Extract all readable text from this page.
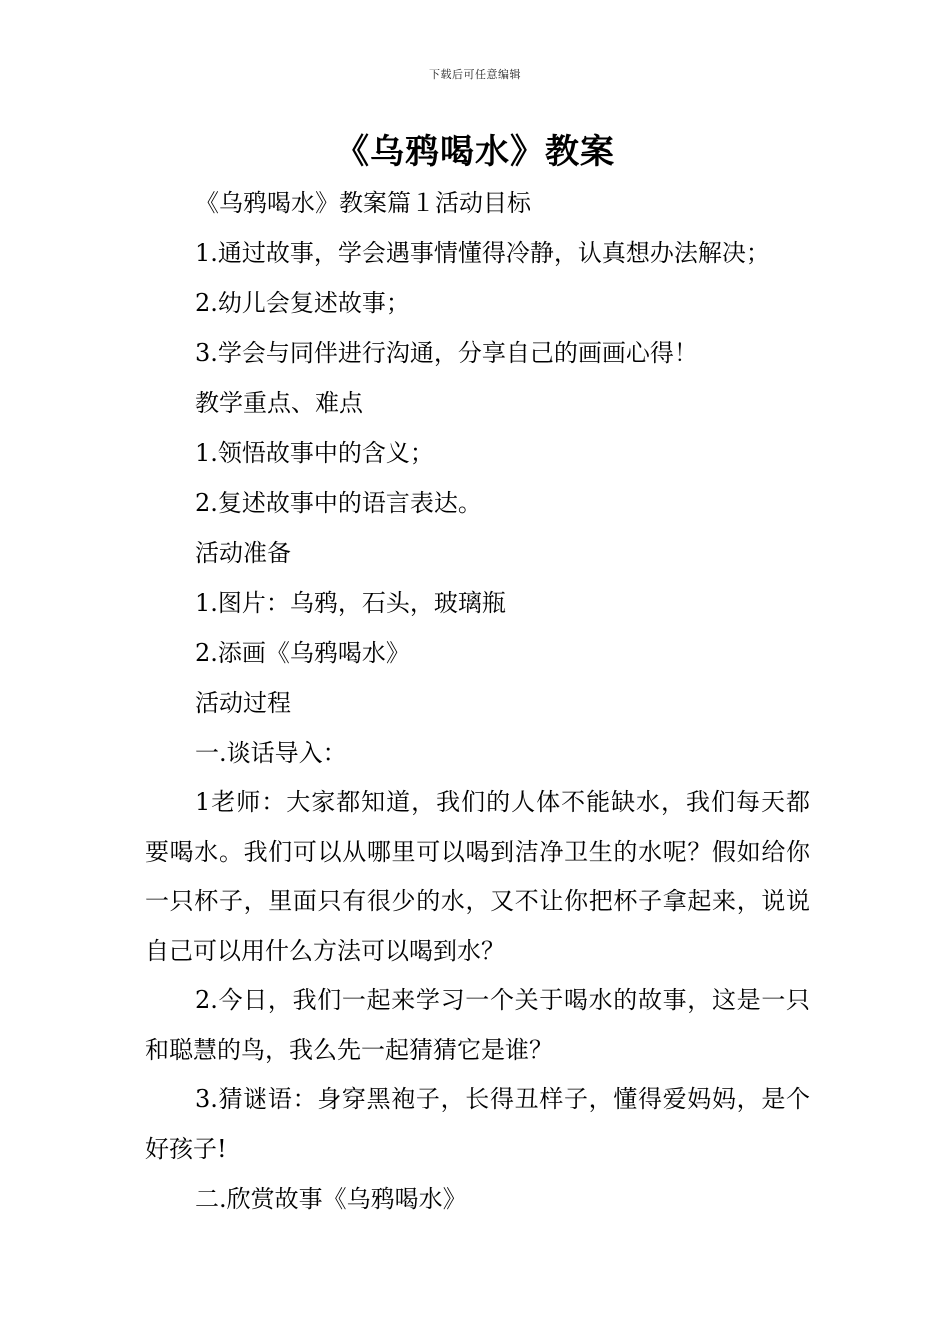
下载后可任意编辑
《乌鸦喝水》教案
《乌鸦喝水》教案篇１活动目标
1.通过故事，学会遇事情懂得冷静，认真想办法解决；
2.幼儿会复述故事；
3.学会与同伴进行沟通，分享自己的画画心得！
教学重点、难点
1.领悟故事中的含义；
2.复述故事中的语言表达。
活动准备
1.图片：乌鸦，石头，玻璃瓶
2.添画《乌鸦喝水》
活动过程
一.谈话导入：
1老师：大家都知道，我们的人体不能缺水，我们每天都要喝水。我们可以从哪里可以喝到洁净卫生的水呢？假如给你一只杯子，里面只有很少的水，又不让你把杯子拿起来，说说自己可以用什么方法可以喝到水？
2.今日，我们一起来学习一个关于喝水的故事，这是一只和聪慧的鸟，我么先一起猜猜它是谁？
3.猜谜语：身穿黑袍子，长得丑样子，懂得爱妈妈，是个好孩子!
二.欣赏故事《乌鸦喝水》
